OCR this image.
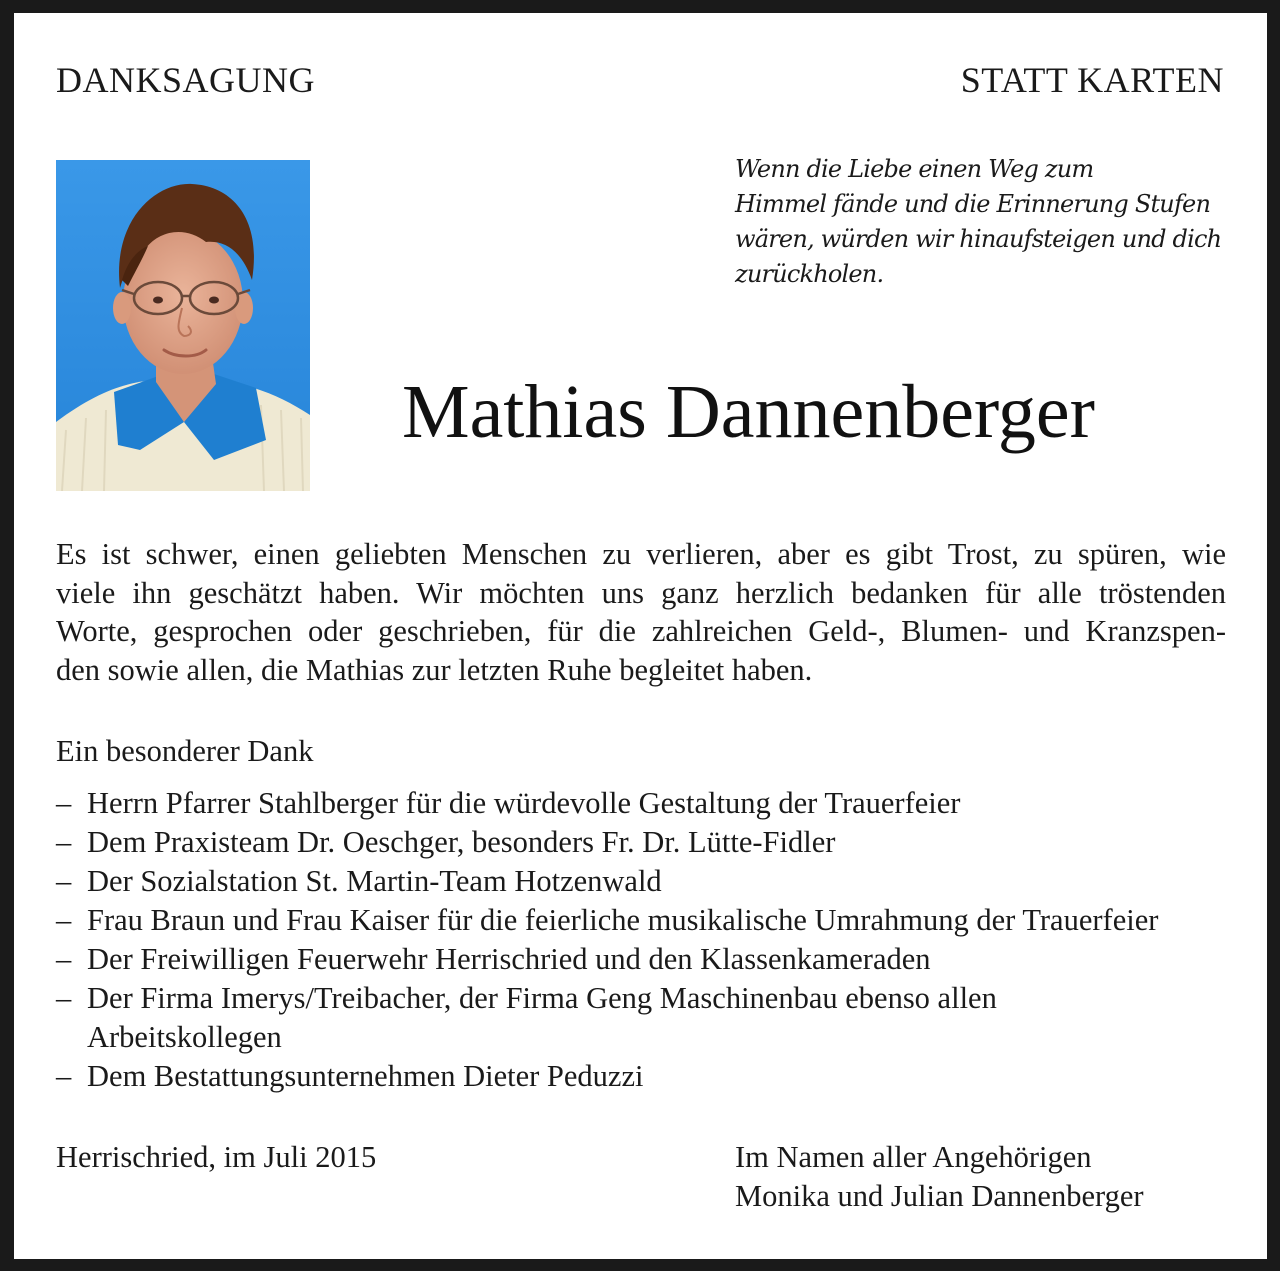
DANKSAGUNG	STATT KARTEN
Wenn die Liebe einen Weg zum
Himmel fände und die Erinnerung Stufen
wären, würden wir hinaufsteigen und dich
zurückholen.
Mathias Dannenberger
Es ist schwer, einen geliebten Menschen zu verlieren, aber es gibt Trost, zu spüren, wie
viele ihn geschätzt haben. Wir möchten uns ganz herzlich bedanken für alle tröstenden
Worte, gesprochen oder geschrieben, für die zahlreichen Geld-, Blumen- und Kranzspen-
den sowie allen, die Mathias zur letzten Ruhe begleitet haben.
Ein besonderer Dank
– Herrn Pfarrer Stahlberger für die würdevolle Gestaltung der Trauerfeier
– Dem Praxisteam Dr. Oeschger, besonders Fr. Dr. Lütte-Fidler
– Der Sozialstation St. Martin-Team Hotzenwald
– Frau Braun und Frau Kaiser für die feierliche musikalische Umrahmung der Trauerfeier
– Der Freiwilligen Feuerwehr Herrischried und den Klassenkameraden
– Der Firma Imerys/Treibacher, der Firma Geng Maschinenbau ebenso allen
Arbeitskollegen
– Dem Bestattungsunternehmen Dieter Peduzzi
Herrischried, im Juli 2015	Im Namen aller Angehörigen
Monika und Julian Dannenberger
